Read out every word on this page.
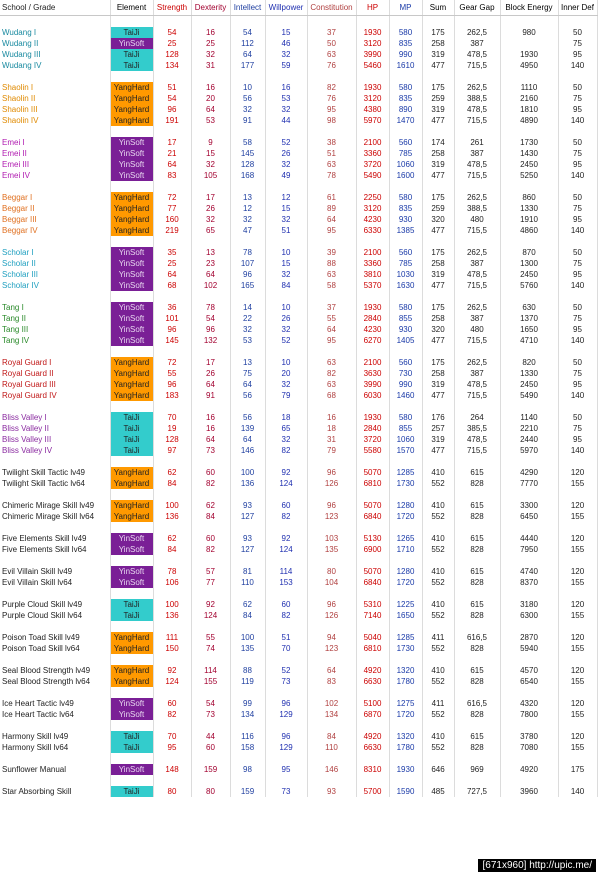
School / Grade	Element	Strength	Dexterity	Intellect	Willpower	Constitution	HP	MP	Sum	Gear Gap	Block Energy	Inner Def

Wudang I	TaiJi	54	16	54	15	37	1930	580	175	262,5	980	50
Wudang II	YinSoft	25	25	112	46	50	3120	835	258	387		75
Wudang III	TaiJi	128	32	64	32	63	3990	990	319	478,5	1930	95
Wudang IV	TaiJi	134	31	177	59	76	5460	1610	477	715,5	4950	140

Shaolin I	YangHard	51	16	10	16	82	1930	580	175	262,5	1110	50
Shaolin II	YangHard	54	20	56	53	76	3120	835	259	388,5	2160	75
Shaolin III	YangHard	96	64	32	32	95	4380	890	319	478,5	1810	95
Shaolin IV	YangHard	191	53	91	44	98	5970	1470	477	715,5	4890	140

Emei I	YinSoft	17	9	58	52	38	2100	560	174	261	1730	50
Emei II	YinSoft	21	15	145	26	51	3360	785	258	387	1430	75
Emei III	YinSoft	64	32	128	32	63	3720	1060	319	478,5	2450	95
Emei IV	YinSoft	83	105	168	49	78	5490	1600	477	715,5	5250	140

Beggar I	YangHard	72	17	13	12	61	2250	580	175	262,5	860	50
Beggar II	YangHard	77	26	12	15	89	3120	835	259	388,5	1330	75
Beggar III	YangHard	160	32	32	32	64	4230	930	320	480	1910	95
Beggar IV	YangHard	219	65	47	51	95	6330	1385	477	715,5	4860	140

Scholar I	YinSoft	35	13	78	10	39	2100	560	175	262,5	870	50
Scholar II	YinSoft	25	23	107	15	88	3360	785	258	387	1300	75
Scholar III	YinSoft	64	64	96	32	63	3810	1030	319	478,5	2450	95
Scholar IV	YinSoft	68	102	165	84	58	5370	1630	477	715,5	5760	140

Tang I	YinSoft	36	78	14	10	37	1930	580	175	262,5	630	50
Tang II	YinSoft	101	54	22	26	55	2840	855	258	387	1370	75
Tang III	YinSoft	96	96	32	32	64	4230	930	320	480	1650	95
Tang IV	YinSoft	145	132	53	52	95	6270	1405	477	715,5	4710	140

Royal Guard I	YangHard	72	17	13	10	63	2100	560	175	262,5	820	50
Royal Guard II	YangHard	55	26	75	20	82	3630	730	258	387	1330	75
Royal Guard III	YangHard	96	64	64	32	63	3990	990	319	478,5	2450	95
Royal Guard IV	YangHard	183	91	56	79	68	6030	1460	477	715,5	5490	140

Bliss Valley I	TaiJi	70	16	56	18	16	1930	580	176	264	1140	50
Bliss Valley II	TaiJi	19	16	139	65	18	2840	855	257	385,5	2210	75
Bliss Valley III	TaiJi	128	64	64	32	31	3720	1060	319	478,5	2440	95
Bliss Valley IV	TaiJi	97	73	146	82	79	5580	1570	477	715,5	5970	140

Twilight Skill Tactic lv49	YangHard	62	60	100	92	96	5070	1285	410	615	4290	120
Twilight Skill Tactic lv64	YangHard	84	82	136	124	126	6810	1730	552	828	7770	155

Chimeric Mirage Skill lv49	YangHard	100	62	93	60	96	5070	1280	410	615	3300	120
Chimeric Mirage Skill lv64	YangHard	136	84	127	82	123	6840	1720	552	828	6450	155

Five Elements Skill lv49	YinSoft	62	60	93	92	103	5130	1265	410	615	4440	120
Five Elements Skill lv64	YinSoft	84	82	127	124	135	6900	1710	552	828	7950	155

Evil Villain Skill lv49	YinSoft	78	57	81	114	80	5070	1280	410	615	4740	120
Evil Villain Skill lv64	YinSoft	106	77	110	153	104	6840	1720	552	828	8370	155

Purple Cloud Skill lv49	TaiJi	100	92	62	60	96	5310	1225	410	615	3180	120
Purple Cloud Skill lv64	TaiJi	136	124	84	82	126	7140	1650	552	828	6300	155

Poison Toad Skill lv49	YangHard	111	55	100	51	94	5040	1285	411	616,5	2870	120
Poison Toad Skill lv64	YangHard	150	74	135	70	123	6810	1730	552	828	5940	155

Seal Blood Strength lv49	YangHard	92	114	88	52	64	4920	1320	410	615	4570	120
Seal Blood Strength lv64	YangHard	124	155	119	73	83	6630	1780	552	828	6540	155

Ice Heart Tactic lv49	YinSoft	60	54	99	96	102	5100	1275	411	616,5	4320	120
Ice Heart Tactic lv64	YinSoft	82	73	134	129	134	6870	1720	552	828	7800	155

Harmony Skill lv49	TaiJi	70	44	116	96	84	4920	1320	410	615	3780	120
Harmony Skill lv64	TaiJi	95	60	158	129	110	6630	1780	552	828	7080	155

Sunflower Manual	YinSoft	148	159	98	95	146	8310	1930	646	969	4920	175

Star Absorbing Skill	TaiJi	80	80	159	73	93	5700	1590	485	727,5	3960	140
[671x960] http://upic.me/
